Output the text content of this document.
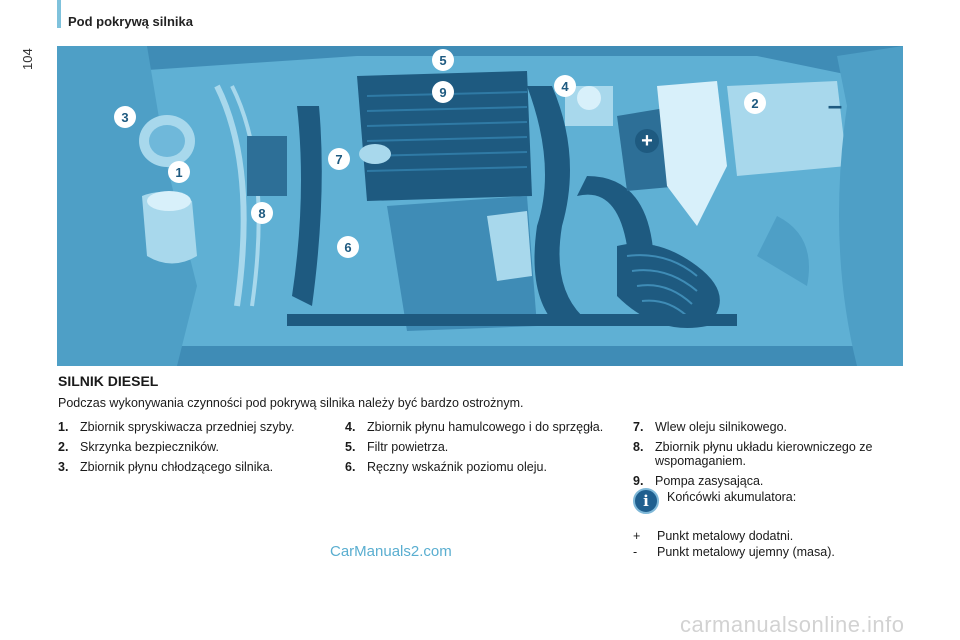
104
Pod pokrywą silnika
+
–
1
2
3
4
5
6
7
8
9
SILNIK DIESEL
Podczas wykonywania czynności pod pokrywą silnika należy być bardzo ostrożnym.
1. Zbiornik spryskiwacza przedniej szyby.
2. Skrzynka bezpieczników.
3. Zbiornik płynu chłodzącego silnika.
4. Zbiornik płynu hamulcowego i do sprzęgła.
5. Filtr powietrza.
6. Ręczny wskaźnik poziomu oleju.
7. Wlew oleju silnikowego.
8. Zbiornik płynu układu kierowniczego ze wspomaganiem.
9. Pompa zasysająca.
i	Końcówki akumulatora:
+	Punkt metalowy dodatni.
-	Punkt metalowy ujemny (masa).
CarManuals2.com
carmanualsonline.info
